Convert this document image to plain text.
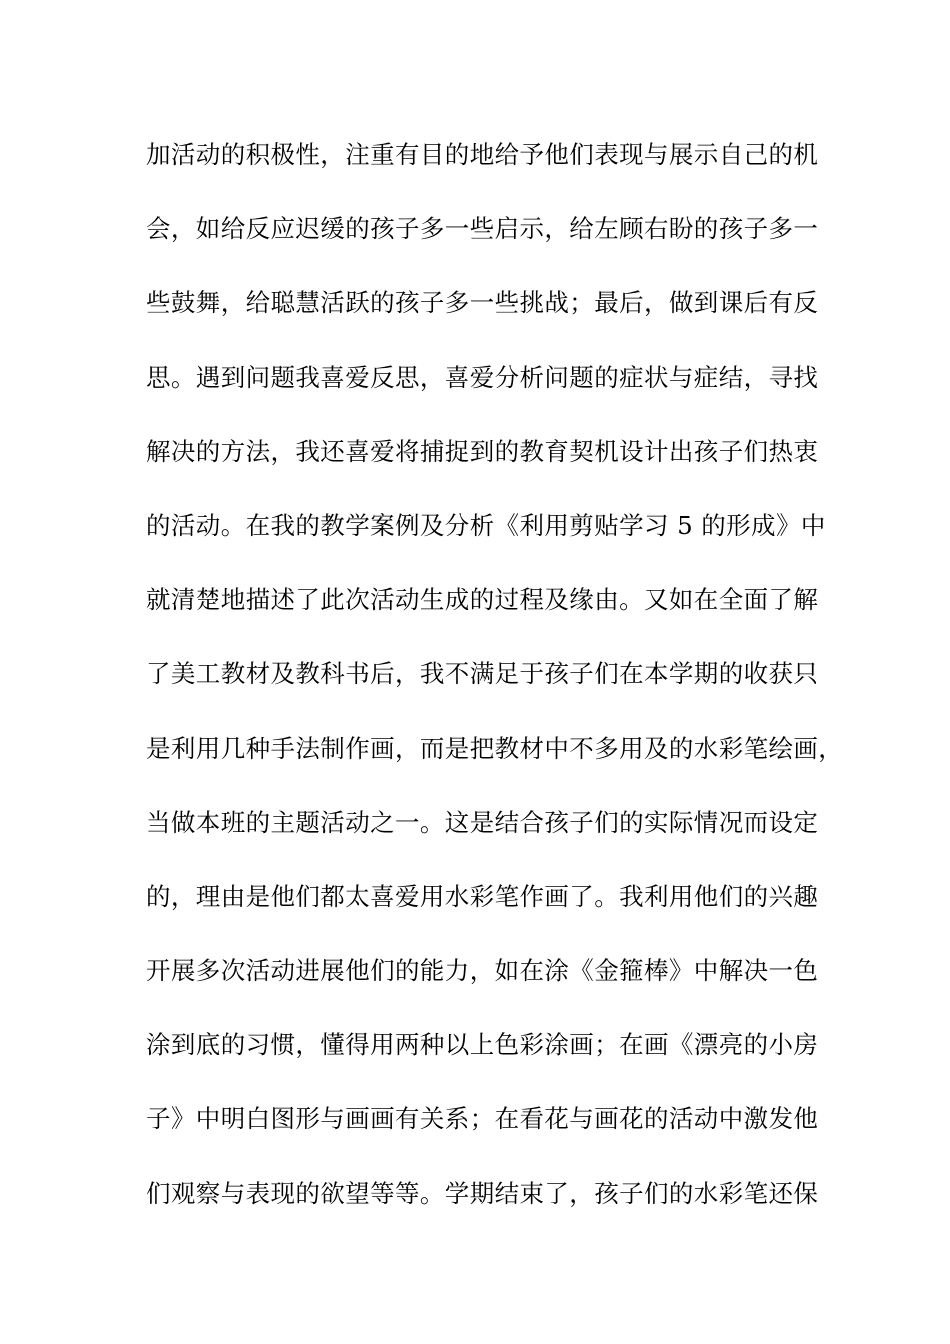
加活动的积极性，注重有目的地给予他们表现与展示自己的机
会，如给反应迟缓的孩子多一些启示，给左顾右盼的孩子多一
些鼓舞，给聪慧活跃的孩子多一些挑战；最后，做到课后有反
思。遇到问题我喜爱反思，喜爱分析问题的症状与症结，寻找
解决的方法，我还喜爱将捕捉到的教育契机设计出孩子们热衷
的活动。在我的教学案例及分析《利用剪贴学习 5 的形成》中
就清楚地描述了此次活动生成的过程及缘由。又如在全面了解
了美工教材及教科书后，我不满足于孩子们在本学期的收获只
是利用几种手法制作画，而是把教材中不多用及的水彩笔绘画，
当做本班的主题活动之一。这是结合孩子们的实际情况而设定
的，理由是他们都太喜爱用水彩笔作画了。我利用他们的兴趣
开展多次活动进展他们的能力，如在涂《金箍棒》中解决一色
涂到底的习惯，懂得用两种以上色彩涂画；在画《漂亮的小房
子》中明白图形与画画有关系；在看花与画花的活动中激发他
们观察与表现的欲望等等。学期结束了，孩子们的水彩笔还保
